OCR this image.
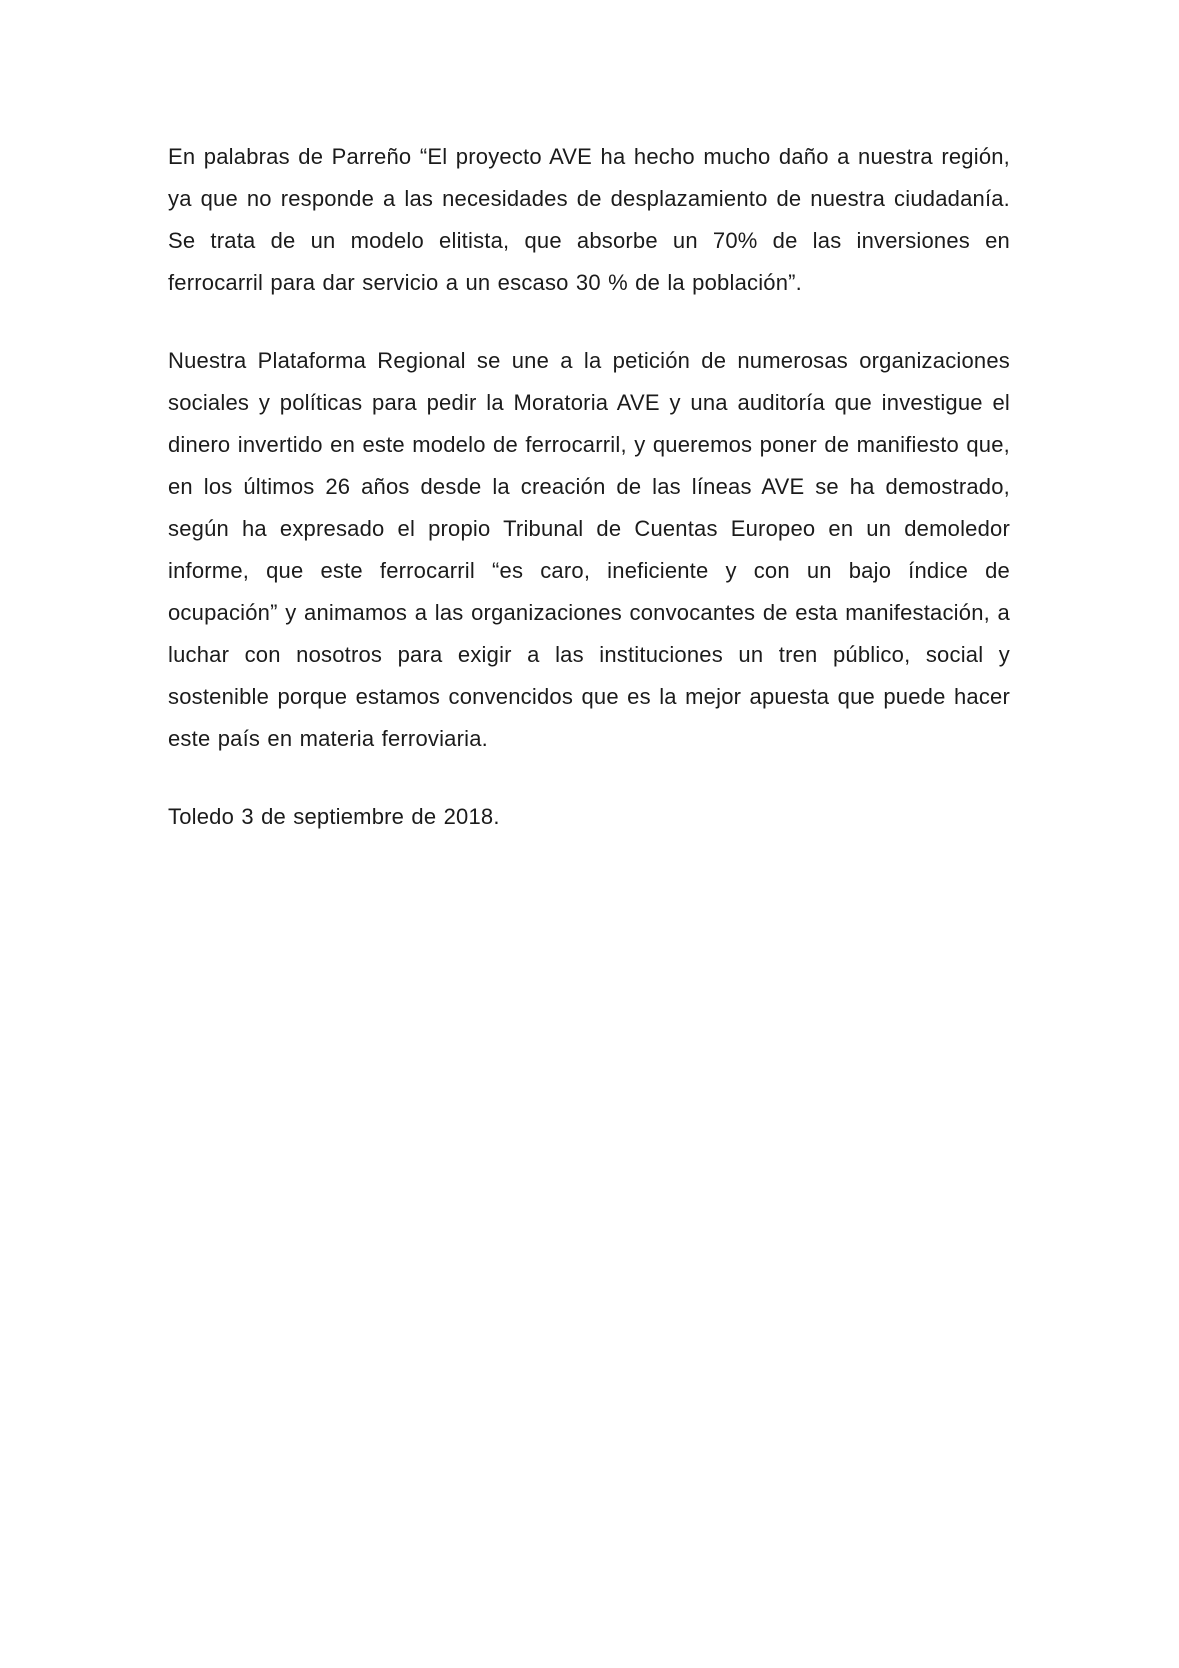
En palabras de Parreño “El proyecto AVE ha hecho mucho daño a nuestra región, ya que no responde a las necesidades de desplazamiento de nuestra ciudadanía. Se trata de un modelo elitista, que absorbe un 70% de las inversiones en ferrocarril para dar servicio a un escaso 30 % de la población”.

Nuestra Plataforma Regional se une a la petición de numerosas organizaciones sociales y políticas para pedir la Moratoria AVE y una auditoría que investigue el dinero invertido en este modelo de ferrocarril, y queremos poner de manifiesto que, en los últimos 26 años desde la creación de las líneas AVE se ha demostrado, según ha expresado el propio Tribunal de Cuentas Europeo en un demoledor informe, que este ferrocarril “es caro, ineficiente y con un bajo índice de ocupación” y animamos a las organizaciones convocantes de esta manifestación, a luchar con nosotros para exigir a las instituciones un tren público, social y sostenible porque estamos convencidos que es la mejor apuesta que puede hacer este país en materia ferroviaria.

Toledo 3 de septiembre de 2018.
